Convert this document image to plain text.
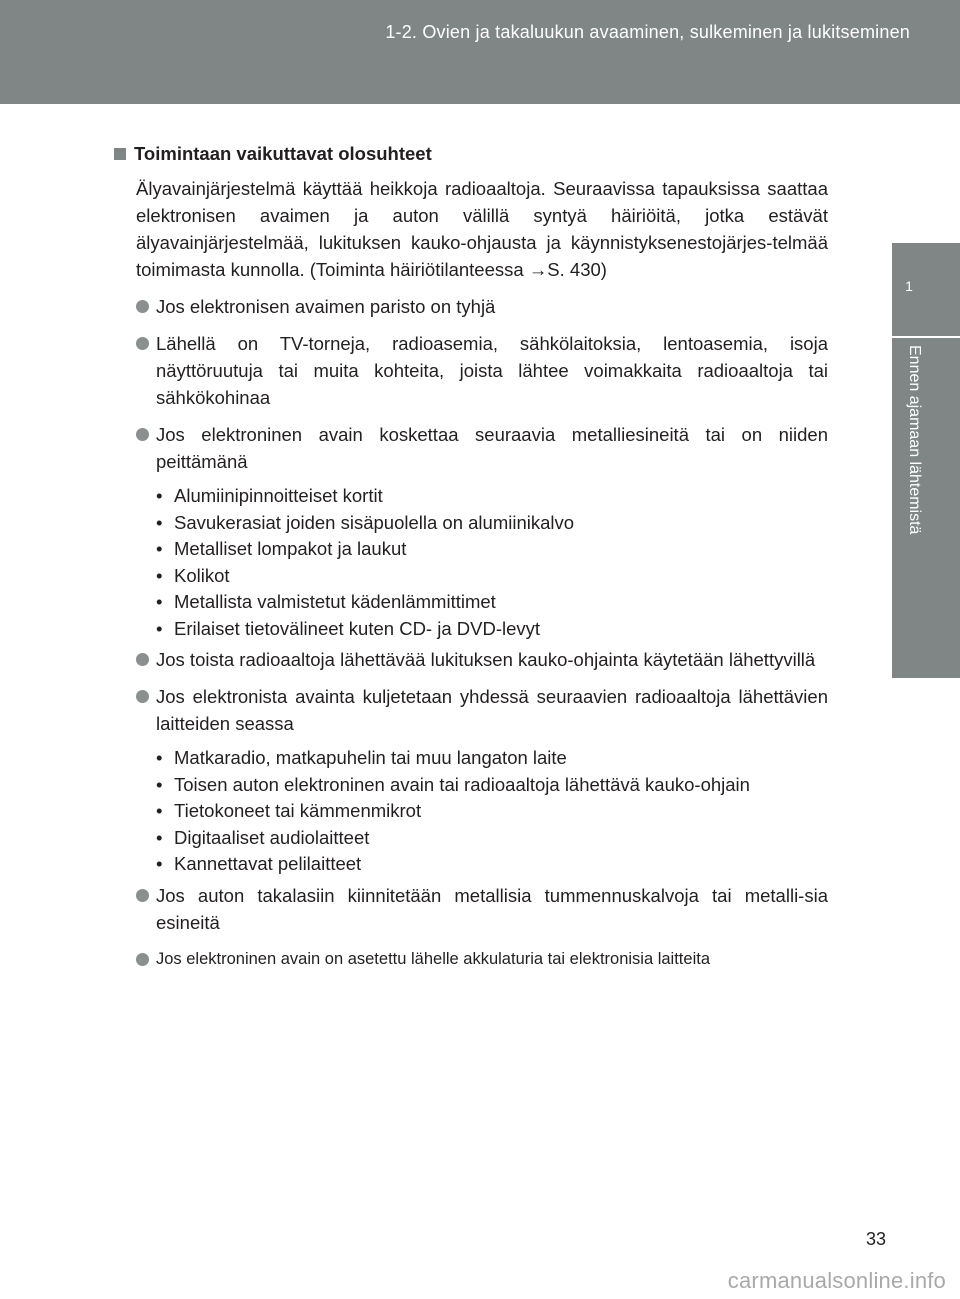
1-2. Ovien ja takaluukun avaaminen, sulkeminen ja lukitseminen
1
Ennen ajamaan lähtemistä
Toimintaan vaikuttavat olosuhteet

Älyavainjärjestelmä käyttää heikkoja radioaaltoja. Seuraavissa tapauksissa saattaa elektronisen avaimen ja auton välillä syntyä häiriöitä, jotka estävät älyavainjärjestelmää, lukituksen kauko-ohjausta ja käynnistyksenestojärjes-telmää toimimasta kunnolla. (Toiminta häiriötilanteessa →S. 430)

Jos elektronisen avaimen paristo on tyhjä
Lähellä on TV-torneja, radioasemia, sähkölaitoksia, lentoasemia, isoja näyttöruutuja tai muita kohteita, joista lähtee voimakkaita radioaaltoja tai sähkökohinaa
Jos elektroninen avain koskettaa seuraavia metalliesineitä tai on niiden peittämänä
• Alumiinipinnoitteiset kortit
• Savukerasiat joiden sisäpuolella on alumiinikalvo
• Metalliset lompakot ja laukut
• Kolikot
• Metallista valmistetut kädenlämmittimet
• Erilaiset tietovälineet kuten CD- ja DVD-levyt
Jos toista radioaaltoja lähettävää lukituksen kauko-ohjainta käytetään lähettyvillä
Jos elektronista avainta kuljetetaan yhdessä seuraavien radioaaltoja lähettävien laitteiden seassa
• Matkaradio, matkapuhelin tai muu langaton laite
• Toisen auton elektroninen avain tai radioaaltoja lähettävä kauko-ohjain
• Tietokoneet tai kämmenmikrot
• Digitaaliset audiolaitteet
• Kannettavat pelilaitteet
Jos auton takalasiin kiinnitetään metallisia tummennuskalvoja tai metalli-sia esineitä
Jos elektroninen avain on asetettu lähelle akkulaturia tai elektronisia laitteita
33
carmanualsonline.info
